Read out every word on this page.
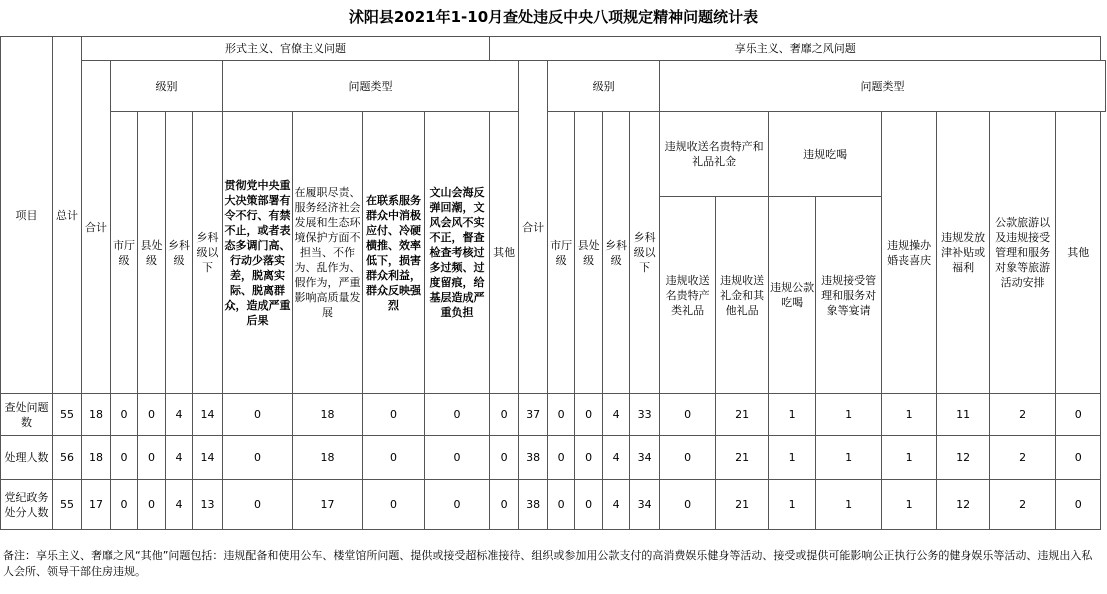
沭阳县2021年1-10月查处违反中央八项规定精神问题统计表
项目	总计	形式主义、官僚主义问题									享乐主义、奢靡之风问题													
		合计	级别				问题类型					合计	级别				问题类型							
			市厅级	县处级	乡科级	乡科级以下	贯彻党中央重大决策部署有令不行、有禁不止，或者表态多调门高、行动少落实差，脱离实际、脱离群众，造成严重后果	在履职尽责、服务经济社会发展和生态环境保护方面不担当、不作为、乱作为、假作为，严重影响高质量发展	在联系服务群众中消极应付、冷硬横推、效率低下，损害群众利益，群众反映强烈	文山会海反弹回潮，文风会风不实不正，督查检查考核过多过频、过度留痕，给基层造成严重负担	其他		市厅级	县处级	乡科级	乡科级以下	违规收送名贵特产和礼品礼金		违规吃喝		违规操办婚丧喜庆	违规发放津补贴或福利	公款旅游以及违规接受管理和服务对象等旅游活动安排	其他
																	违规收送名贵特产类礼品	违规收送礼金和其他礼品	违规公款吃喝	违规接受管理和服务对象等宴请				

查处问题数	55	18	0	0	4	14	0	18	0	0	0	37	0	0	4	33	0	21	1	1	1	11	2	0
处理人数	56	18	0	0	4	14	0	18	0	0	0	38	0	0	4	34	0	21	1	1	1	12	2	0
党纪政务处分人数	55	17	0	0	4	13	0	17	0	0	0	38	0	0	4	34	0	21	1	1	1	12	2	0
备注：享乐主义、奢靡之风“其他”问题包括：违规配备和使用公车、楼堂馆所问题、提供或接受超标准接待、组织或参加用公款支付的高消费娱乐健身等活动、接受或提供可能影响公正执行公务的健身娱乐等活动、违规出入私人会所、领导干部住房违规。
